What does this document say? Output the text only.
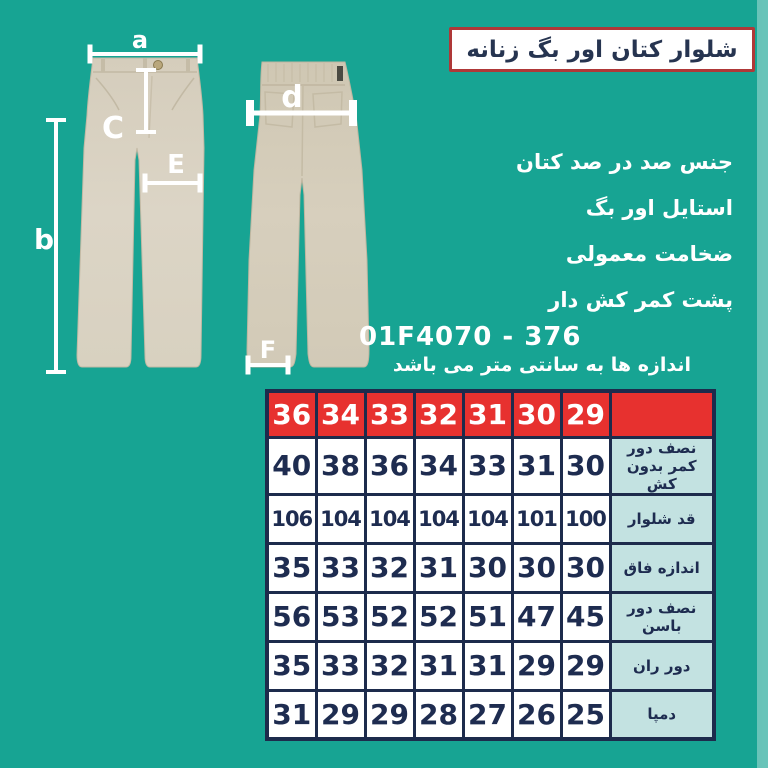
a
C
E
b
d
F
شلوار کتان اور بگ زنانه
جنس صد در صد کتان
استایل اور بگ
ضخامت معمولی
پشت کمر کش دار
01F4070 - 376
اندازه ها به سانتی متر می باشد
36	34	33	32	31	30	29	
40	38	36	34	33	31	30	نصف دور کمر بدون کش
106	104	104	104	104	101	100	قد شلوار
35	33	32	31	30	30	30	اندازه فاق
56	53	52	52	51	47	45	نصف دور باسن
35	33	32	31	31	29	29	دور ران
31	29	29	28	27	26	25	دمپا
